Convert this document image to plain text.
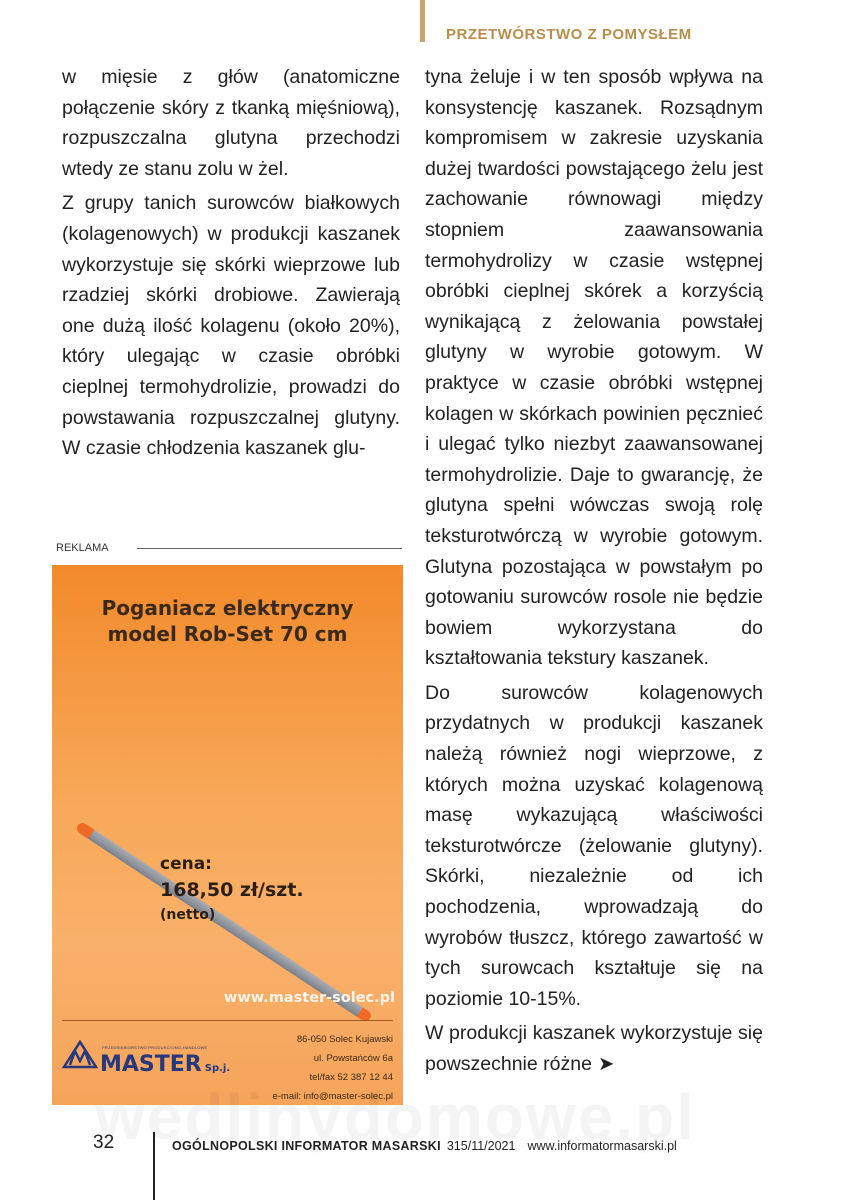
PRZETWÓRSTWO Z POMYSŁEM

w mięsie z głów (anatomiczne połączenie skóry z tkanką mięśniową), rozpuszczalna glutyna przechodzi wtedy ze stanu zolu w żel.

Z grupy tanich surowców białkowych (kolagenowych) w produkcji kaszanek wykorzystuje się skórki wieprzowe lub rzadziej skórki drobiowe. Zawierają one dużą ilość kolagenu (około 20%), który ulegając w czasie obróbki cieplnej termohydrolizie, prowadzi do powstawania rozpuszczalnej glutyny. W czasie chłodzenia kaszanek glu-

tyna żeluje i w ten sposób wpływa na konsystencję kaszanek. Rozsądnym kompromisem w zakresie uzyskania dużej twardości powstającego żelu jest zachowanie równowagi między stopniem zaawansowania termohydrolizy w czasie wstępnej obróbki cieplnej skórek a korzyścią wynikającą z żelowania powstałej glutyny w wyrobie gotowym. W praktyce w czasie obróbki wstępnej kolagen w skórkach powinien pęcznieć i ulegać tylko niezbyt zaawansowanej termohydrolizie. Daje to gwarancję, że glutyna spełni wówczas swoją rolę teksturotwórczą w wyrobie gotowym. Glutyna pozostająca w powstałym po gotowaniu surowców rosole nie będzie bowiem wykorzystana do kształtowania tekstury kaszanek.

Do surowców kolagenowych przydatnych w produkcji kaszanek należą również nogi wieprzowe, z których można uzyskać kolagenową masę wykazującą właściwości teksturotwórcze (żelowanie glutyny). Skórki, niezależnie od ich pochodzenia, wprowadzają do wyrobów tłuszcz, którego zawartość w tych surowcach kształtuje się na poziomie 10-15%.

W produkcji kaszanek wykorzystuje się powszechnie różne ➤

REKLAMA
Poganiacz elektryczny
model Rob-Set 70 cm
cena:
168,50 zł/szt.
(netto)
www.master-solec.pl
PRZEDSIĘBIORSTWO PRODUKCYJNO-HANDLOWE
MASTER Sp.j.
86-050 Solec Kujawski
ul. Powstańców 6a
tel/fax 52 387 12 44
e-mail: info@master-solec.pl
32	OGÓLNOPOLSKI INFORMATOR MASARSKI 315/11/2021 www.informatormasarski.pl
